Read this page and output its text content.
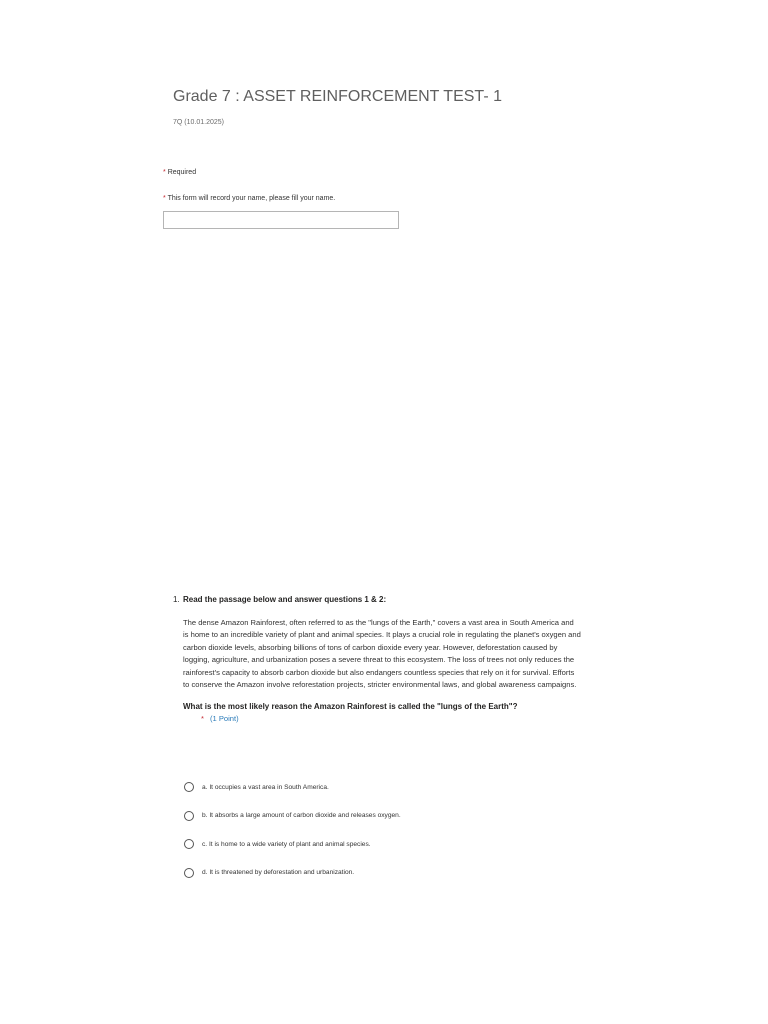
Grade 7 : ASSET REINFORCEMENT TEST- 1
7Q (10.01.2025)
* Required
* This form will record your name, please fill your name.
1. Read the passage below and answer questions 1 & 2:
The dense Amazon Rainforest, often referred to as the "lungs of the Earth," covers a vast area in South America and is home to an incredible variety of plant and animal species. It plays a crucial role in regulating the planet's oxygen and carbon dioxide levels, absorbing billions of tons of carbon dioxide every year. However, deforestation caused by logging, agriculture, and urbanization poses a severe threat to this ecosystem. The loss of trees not only reduces the rainforest's capacity to absorb carbon dioxide but also endangers countless species that rely on it for survival. Efforts to conserve the Amazon involve reforestation projects, stricter environmental laws, and global awareness campaigns.
What is the most likely reason the Amazon Rainforest is called the "lungs of the Earth"?
* (1 Point)
a. It occupies a vast area in South America.
b. It absorbs a large amount of carbon dioxide and releases oxygen.
c. It is home to a wide variety of plant and animal species.
d. It is threatened by deforestation and urbanization.
